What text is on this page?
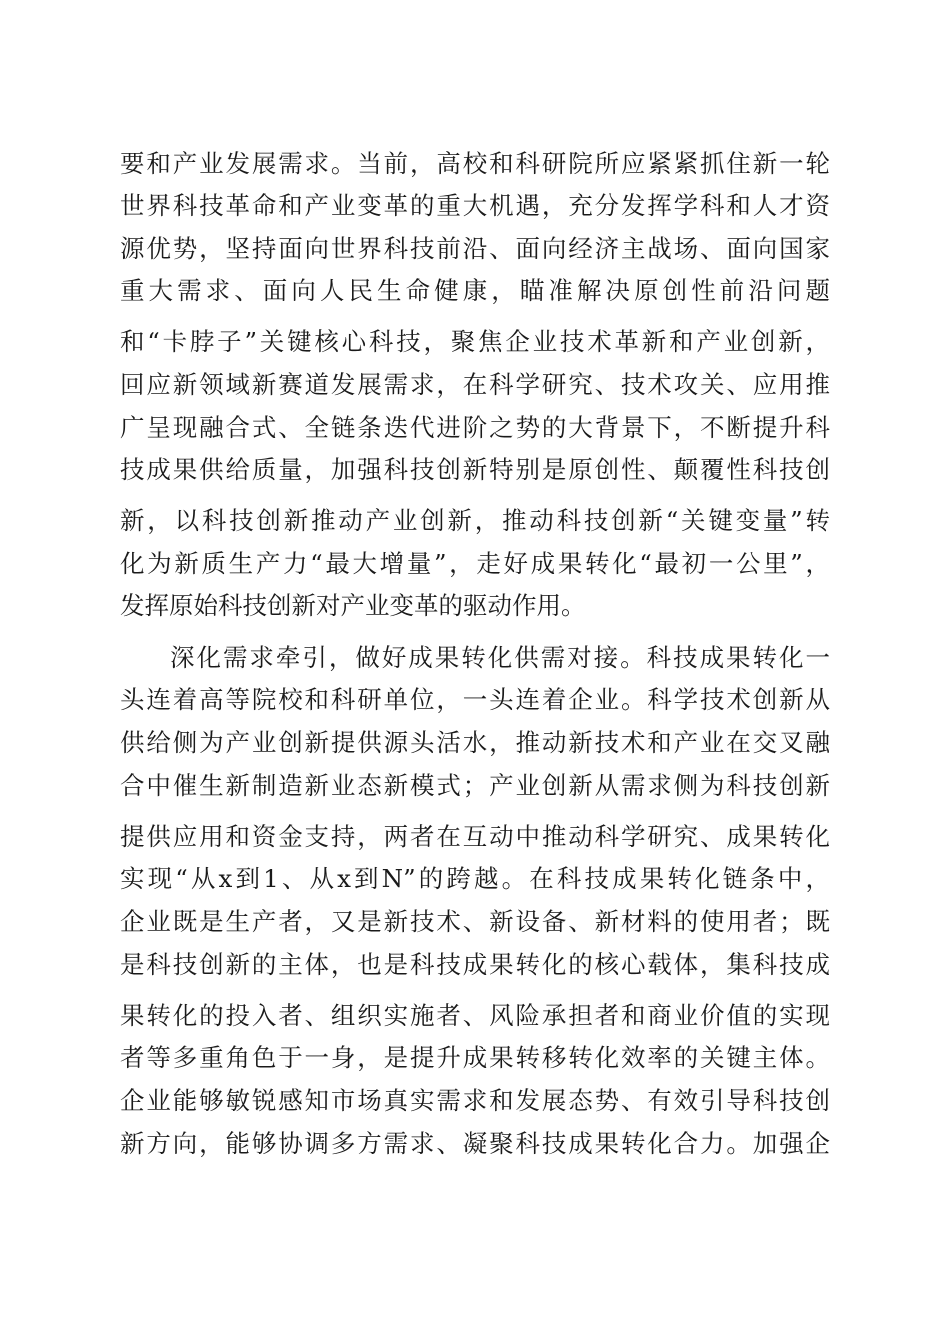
要和产业发展需求。当前，高校和科研院所应紧紧抓住新一轮
世界科技革命和产业变革的重大机遇，充分发挥学科和人才资
源优势，坚持面向世界科技前沿、面向经济主战场、面向国家
重大需求、面向人民生命健康，瞄准解决原创性前沿问题
和“卡脖子”关键核心科技，聚焦企业技术革新和产业创新，
回应新领域新赛道发展需求，在科学研究、技术攻关、应用推
广呈现融合式、全链条迭代进阶之势的大背景下，不断提升科
技成果供给质量，加强科技创新特别是原创性、颠覆性科技创
新，以科技创新推动产业创新，推动科技创新“关键变量”转
化为新质生产力“最大增量”，走好成果转化“最初一公里”，
发挥原始科技创新对产业变革的驱动作用。
深化需求牵引，做好成果转化供需对接。科技成果转化一
头连着高等院校和科研单位，一头连着企业。科学技术创新从
供给侧为产业创新提供源头活水，推动新技术和产业在交叉融
合中催生新制造新业态新模式；产业创新从需求侧为科技创新
提供应用和资金支持，两者在互动中推动科学研究、成果转化
实现“从x到1、从x到N”的跨越。在科技成果转化链条中，
企业既是生产者，又是新技术、新设备、新材料的使用者；既
是科技创新的主体，也是科技成果转化的核心载体，集科技成
果转化的投入者、组织实施者、风险承担者和商业价值的实现
者等多重角色于一身，是提升成果转移转化效率的关键主体。
企业能够敏锐感知市场真实需求和发展态势、有效引导科技创
新方向，能够协调多方需求、凝聚科技成果转化合力。加强企
